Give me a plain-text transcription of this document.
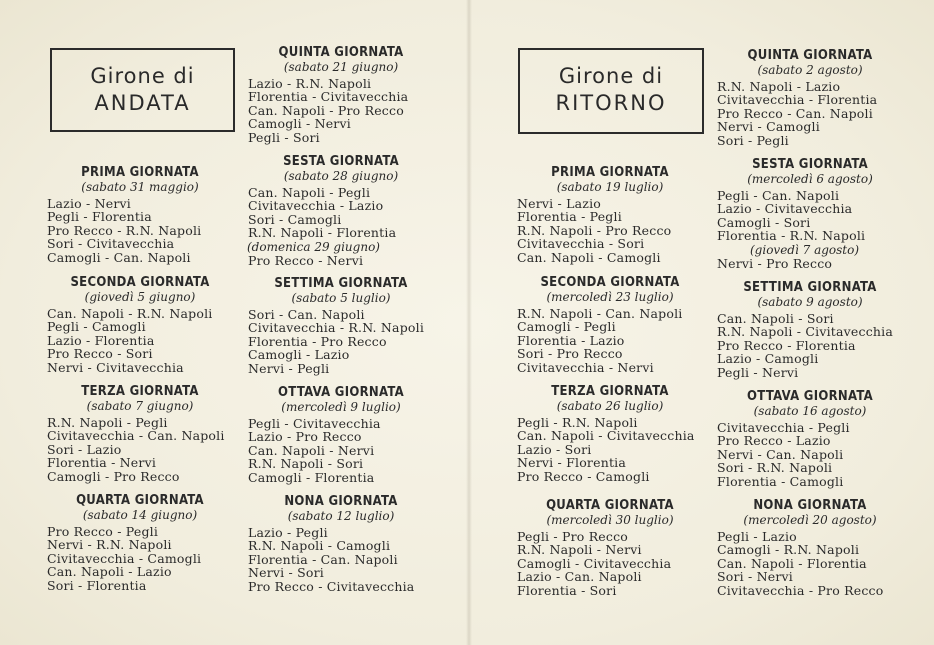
Girone di
ANDATA
Girone di
RITORNO
PRIMA GIORNATA
(sabato 31 maggio)
Lazio - Nervi
Pegli - Florentia
Pro Recco - R.N. Napoli
Sori - Civitavecchia
Camogli - Can. Napoli
SECONDA GIORNATA
(giovedì 5 giugno)
Can. Napoli - R.N. Napoli
Pegli - Camogli
Lazio - Florentia
Pro Recco - Sori
Nervi - Civitavecchia
TERZA GIORNATA
(sabato 7 giugno)
R.N. Napoli - Pegli
Civitavecchia - Can. Napoli
Sori - Lazio
Florentia - Nervi
Camogli - Pro Recco
QUARTA GIORNATA
(sabato 14 giugno)
Pro Recco - Pegli
Nervi - R.N. Napoli
Civitavecchia - Camogli
Can. Napoli - Lazio
Sori - Florentia
QUINTA GIORNATA
(sabato 21 giugno)
Lazio - R.N. Napoli
Florentia - Civitavecchia
Can. Napoli - Pro Recco
Camogli - Nervi
Pegli - Sori
SESTA GIORNATA
(sabato 28 giugno)
Can. Napoli - Pegli
Civitavecchia - Lazio
Sori - Camogli
R.N. Napoli - Florentia
(domenica 29 giugno)
Pro Recco - Nervi
SETTIMA GIORNATA
(sabato 5 luglio)
Sori - Can. Napoli
Civitavecchia - R.N. Napoli
Florentia - Pro Recco
Camogli - Lazio
Nervi - Pegli
OTTAVA GIORNATA
(mercoledì 9 luglio)
Pegli - Civitavecchia
Lazio - Pro Recco
Can. Napoli - Nervi
R.N. Napoli - Sori
Camogli - Florentia
NONA GIORNATA
(sabato 12 luglio)
Lazio - Pegli
R.N. Napoli - Camogli
Florentia - Can. Napoli
Nervi - Sori
Pro Recco - Civitavecchia
PRIMA GIORNATA
(sabato 19 luglio)
Nervi - Lazio
Florentia - Pegli
R.N. Napoli - Pro Recco
Civitavecchia - Sori
Can. Napoli - Camogli
SECONDA GIORNATA
(mercoledì 23 luglio)
R.N. Napoli - Can. Napoli
Camogli - Pegli
Florentia - Lazio
Sori - Pro Recco
Civitavecchia - Nervi
TERZA GIORNATA
(sabato 26 luglio)
Pegli - R.N. Napoli
Can. Napoli - Civitavecchia
Lazio - Sori
Nervi - Florentia
Pro Recco - Camogli
QUARTA GIORNATA
(mercoledì 30 luglio)
Pegli - Pro Recco
R.N. Napoli - Nervi
Camogli - Civitavecchia
Lazio - Can. Napoli
Florentia - Sori
QUINTA GIORNATA
(sabato 2 agosto)
R.N. Napoli - Lazio
Civitavecchia - Florentia
Pro Recco - Can. Napoli
Nervi - Camogli
Sori - Pegli
SESTA GIORNATA
(mercoledì 6 agosto)
Pegli - Can. Napoli
Lazio - Civitavecchia
Camogli - Sori
Florentia - R.N. Napoli
(giovedì 7 agosto)
Nervi - Pro Recco
SETTIMA GIORNATA
(sabato 9 agosto)
Can. Napoli - Sori
R.N. Napoli - Civitavecchia
Pro Recco - Florentia
Lazio - Camogli
Pegli - Nervi
OTTAVA GIORNATA
(sabato 16 agosto)
Civitavecchia - Pegli
Pro Recco - Lazio
Nervi - Can. Napoli
Sori - R.N. Napoli
Florentia - Camogli
NONA GIORNATA
(mercoledì 20 agosto)
Pegli - Lazio
Camogli - R.N. Napoli
Can. Napoli - Florentia
Sori - Nervi
Civitavecchia - Pro Recco
